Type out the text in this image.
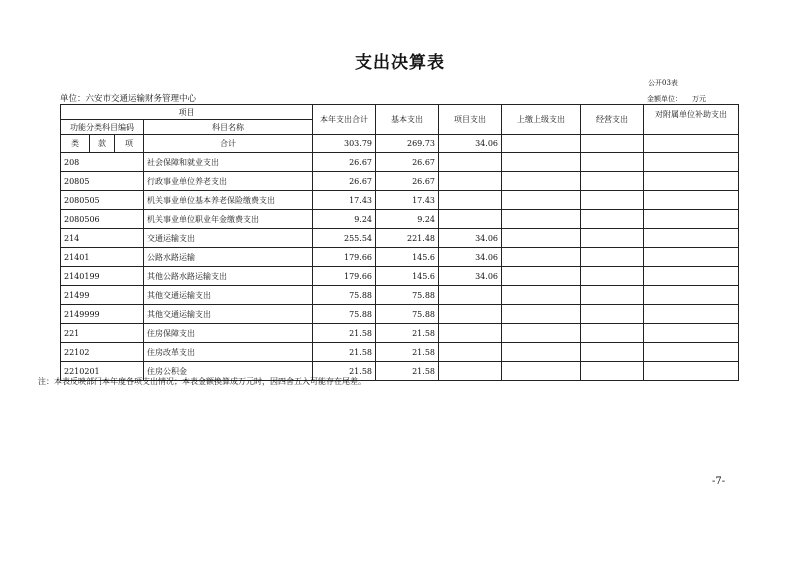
支出决算表
公开03表
单位：六安市交通运输财务管理中心	金额单位： 万元
项目				本年支出合计	基本支出	项目支出	上缴上级支出	经营支出	对附属单位补助支出
功能分类科目编码			科目名称						
类	款	项	合计	303.79	269.73	34.06			
208			社会保障和就业支出	26.67	26.67				
20805			行政事业单位养老支出	26.67	26.67				
2080505			机关事业单位基本养老保险缴费支出	17.43	17.43				
2080506			机关事业单位职业年金缴费支出	9.24	9.24				
214			交通运输支出	255.54	221.48	34.06			
21401			公路水路运输	179.66	145.6	34.06			
2140199			其他公路水路运输支出	179.66	145.6	34.06			
21499			其他交通运输支出	75.88	75.88				
2149999			其他交通运输支出	75.88	75.88				
221			住房保障支出	21.58	21.58				
22102			住房改革支出	21.58	21.58				
2210201			住房公积金	21.58	21.58				
注：本表反映部门本年度各项支出情况；本表金额换算成万元时，因四舍五入可能存在尾差。
-7-
